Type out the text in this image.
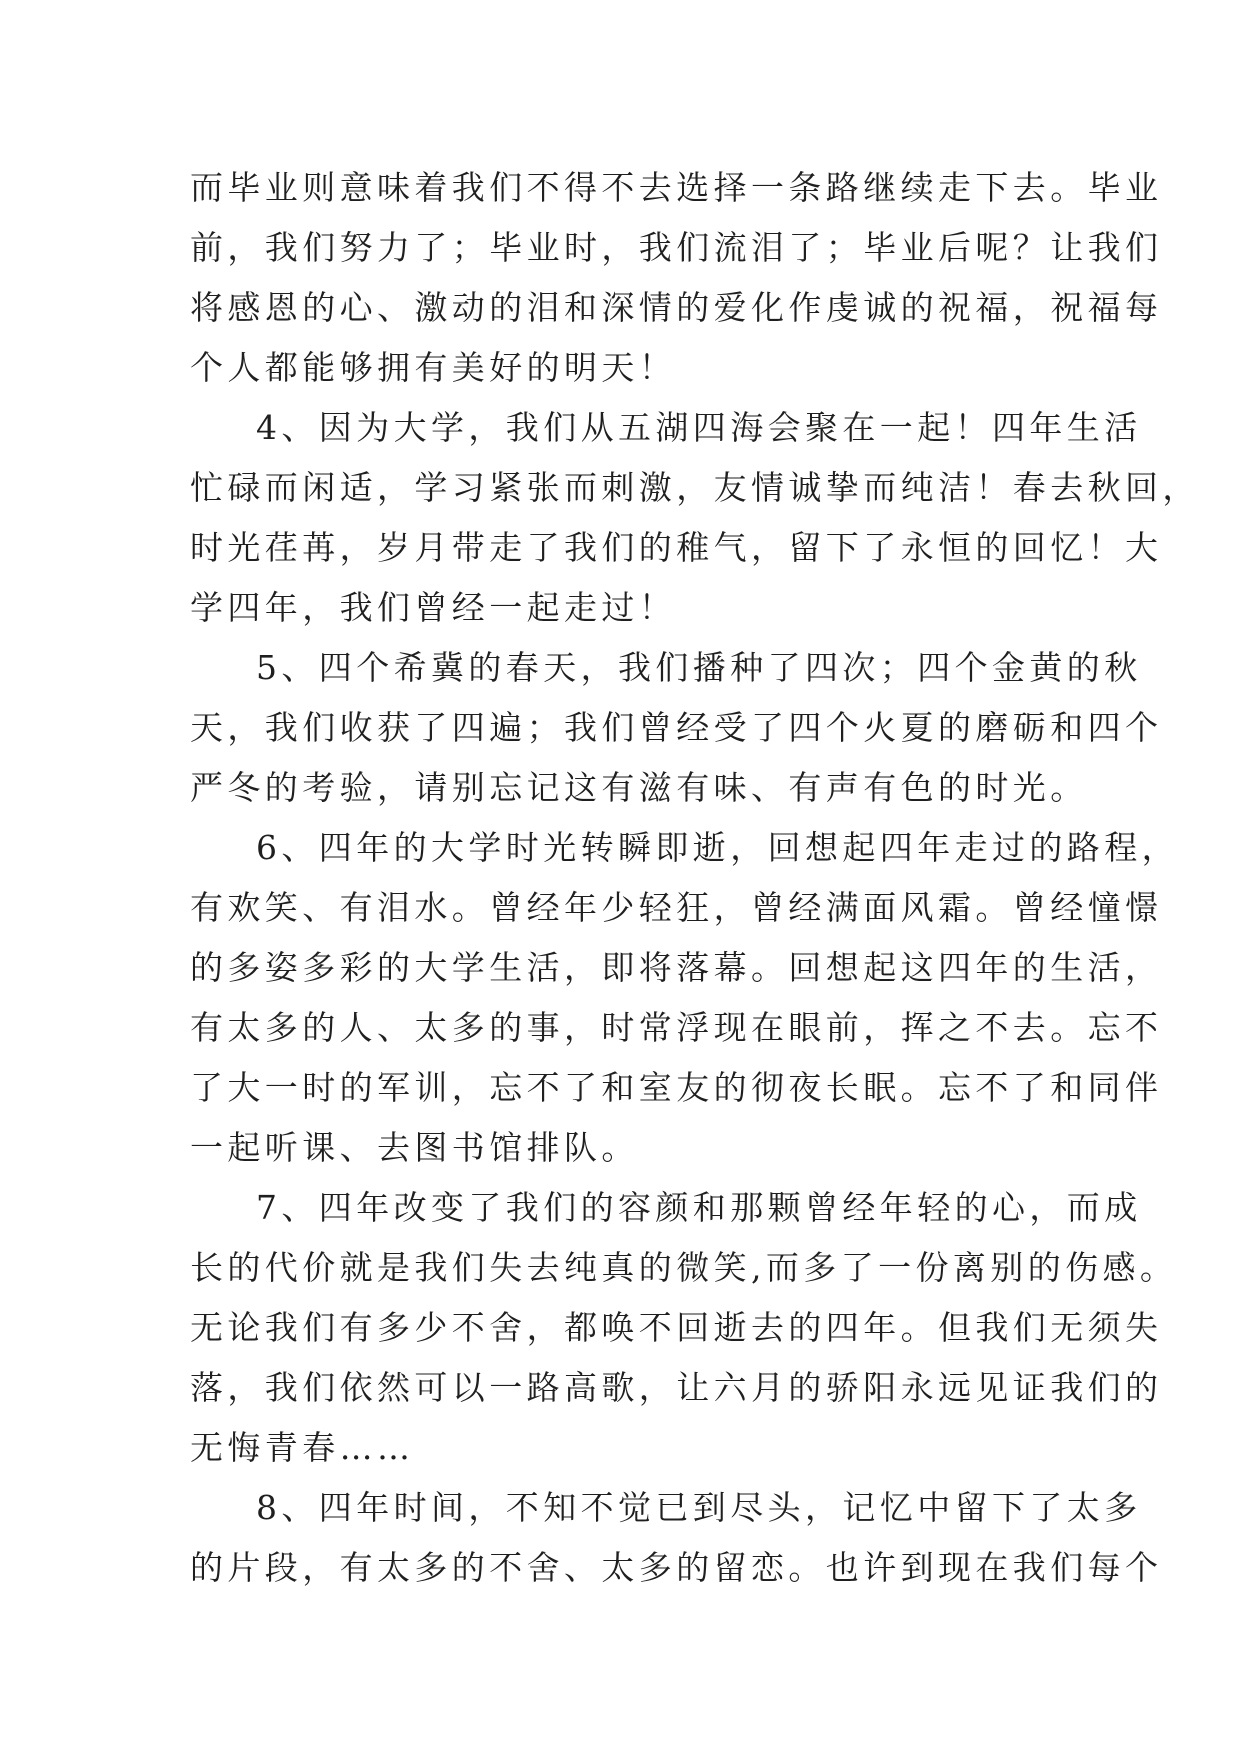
而毕业则意味着我们不得不去选择一条路继续走下去。毕业
前，我们努力了；毕业时，我们流泪了；毕业后呢？让我们
将感恩的心、激动的泪和深情的爱化作虔诚的祝福，祝福每
个人都能够拥有美好的明天！
4、因为大学，我们从五湖四海会聚在一起！四年生活
忙碌而闲适，学习紧张而刺激，友情诚挚而纯洁！春去秋回，
时光荏苒，岁月带走了我们的稚气，留下了永恒的回忆！大
学四年，我们曾经一起走过！
5、四个希冀的春天，我们播种了四次；四个金黄的秋
天，我们收获了四遍；我们曾经受了四个火夏的磨砺和四个
严冬的考验，请别忘记这有滋有味、有声有色的时光。
6、四年的大学时光转瞬即逝，回想起四年走过的路程，
有欢笑、有泪水。曾经年少轻狂，曾经满面风霜。曾经憧憬
的多姿多彩的大学生活，即将落幕。回想起这四年的生活，
有太多的人、太多的事，时常浮现在眼前，挥之不去。忘不
了大一时的军训，忘不了和室友的彻夜长眠。忘不了和同伴
一起听课、去图书馆排队。
7、四年改变了我们的容颜和那颗曾经年轻的心，而成
长的代价就是我们失去纯真的微笑,而多了一份离别的伤感。
无论我们有多少不舍，都唤不回逝去的四年。但我们无须失
落，我们依然可以一路高歌，让六月的骄阳永远见证我们的
无悔青春……
8、四年时间，不知不觉已到尽头，记忆中留下了太多
的片段，有太多的不舍、太多的留恋。也许到现在我们每个
